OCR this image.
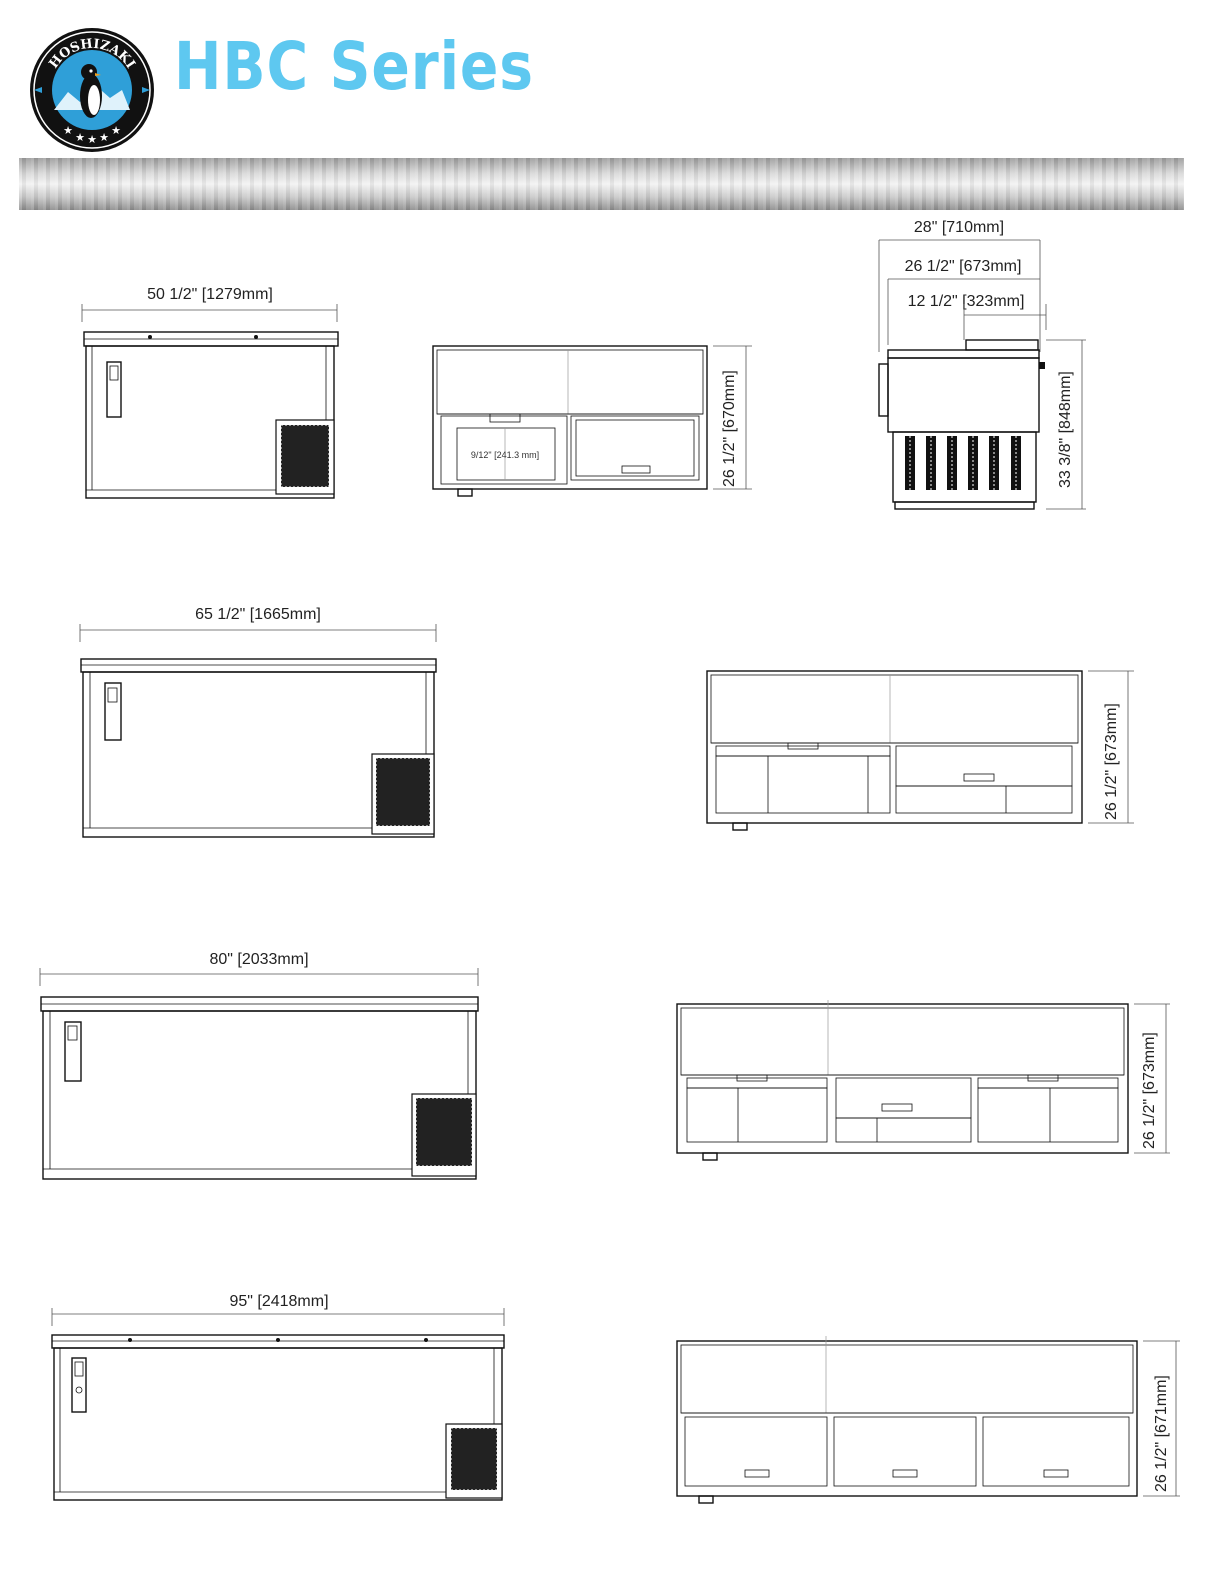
HOSHIZAKI
★
★ ★ ★
★
HBC Series
50 1/2" [1279mm]
9/12" [241.3 mm]	26 1/2" [670mm]
28" [710mm]
26 1/2" [673mm]
12 1/2" [323mm]
33 3/8" [848mm]
65 1/2" [1665mm]
26 1/2" [673mm]
80" [2033mm]
26 1/2" [673mm]
95" [2418mm]
26 1/2" [671mm]
